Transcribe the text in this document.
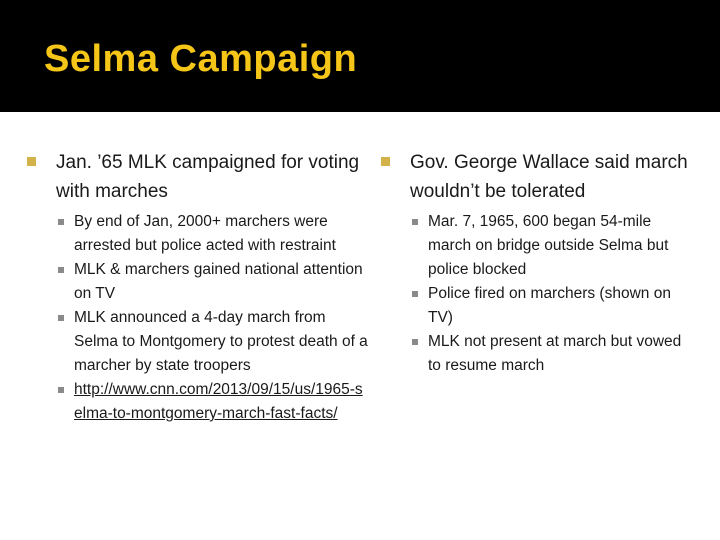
Selma Campaign
Jan. ’65 MLK campaigned for voting with marches
By end of Jan, 2000+ marchers were arrested but police acted with restraint
MLK & marchers gained national attention on TV
MLK announced a 4-day march from Selma to Montgomery to protest death of a marcher by state troopers
http://www.cnn.com/2013/09/15/us/1965-selma-to-montgomery-march-fast-facts/
Gov. George Wallace said march wouldn’t be tolerated
Mar. 7, 1965, 600 began 54-mile march on bridge outside Selma but police blocked
Police fired on marchers (shown on TV)
MLK not present at march but vowed to resume march
